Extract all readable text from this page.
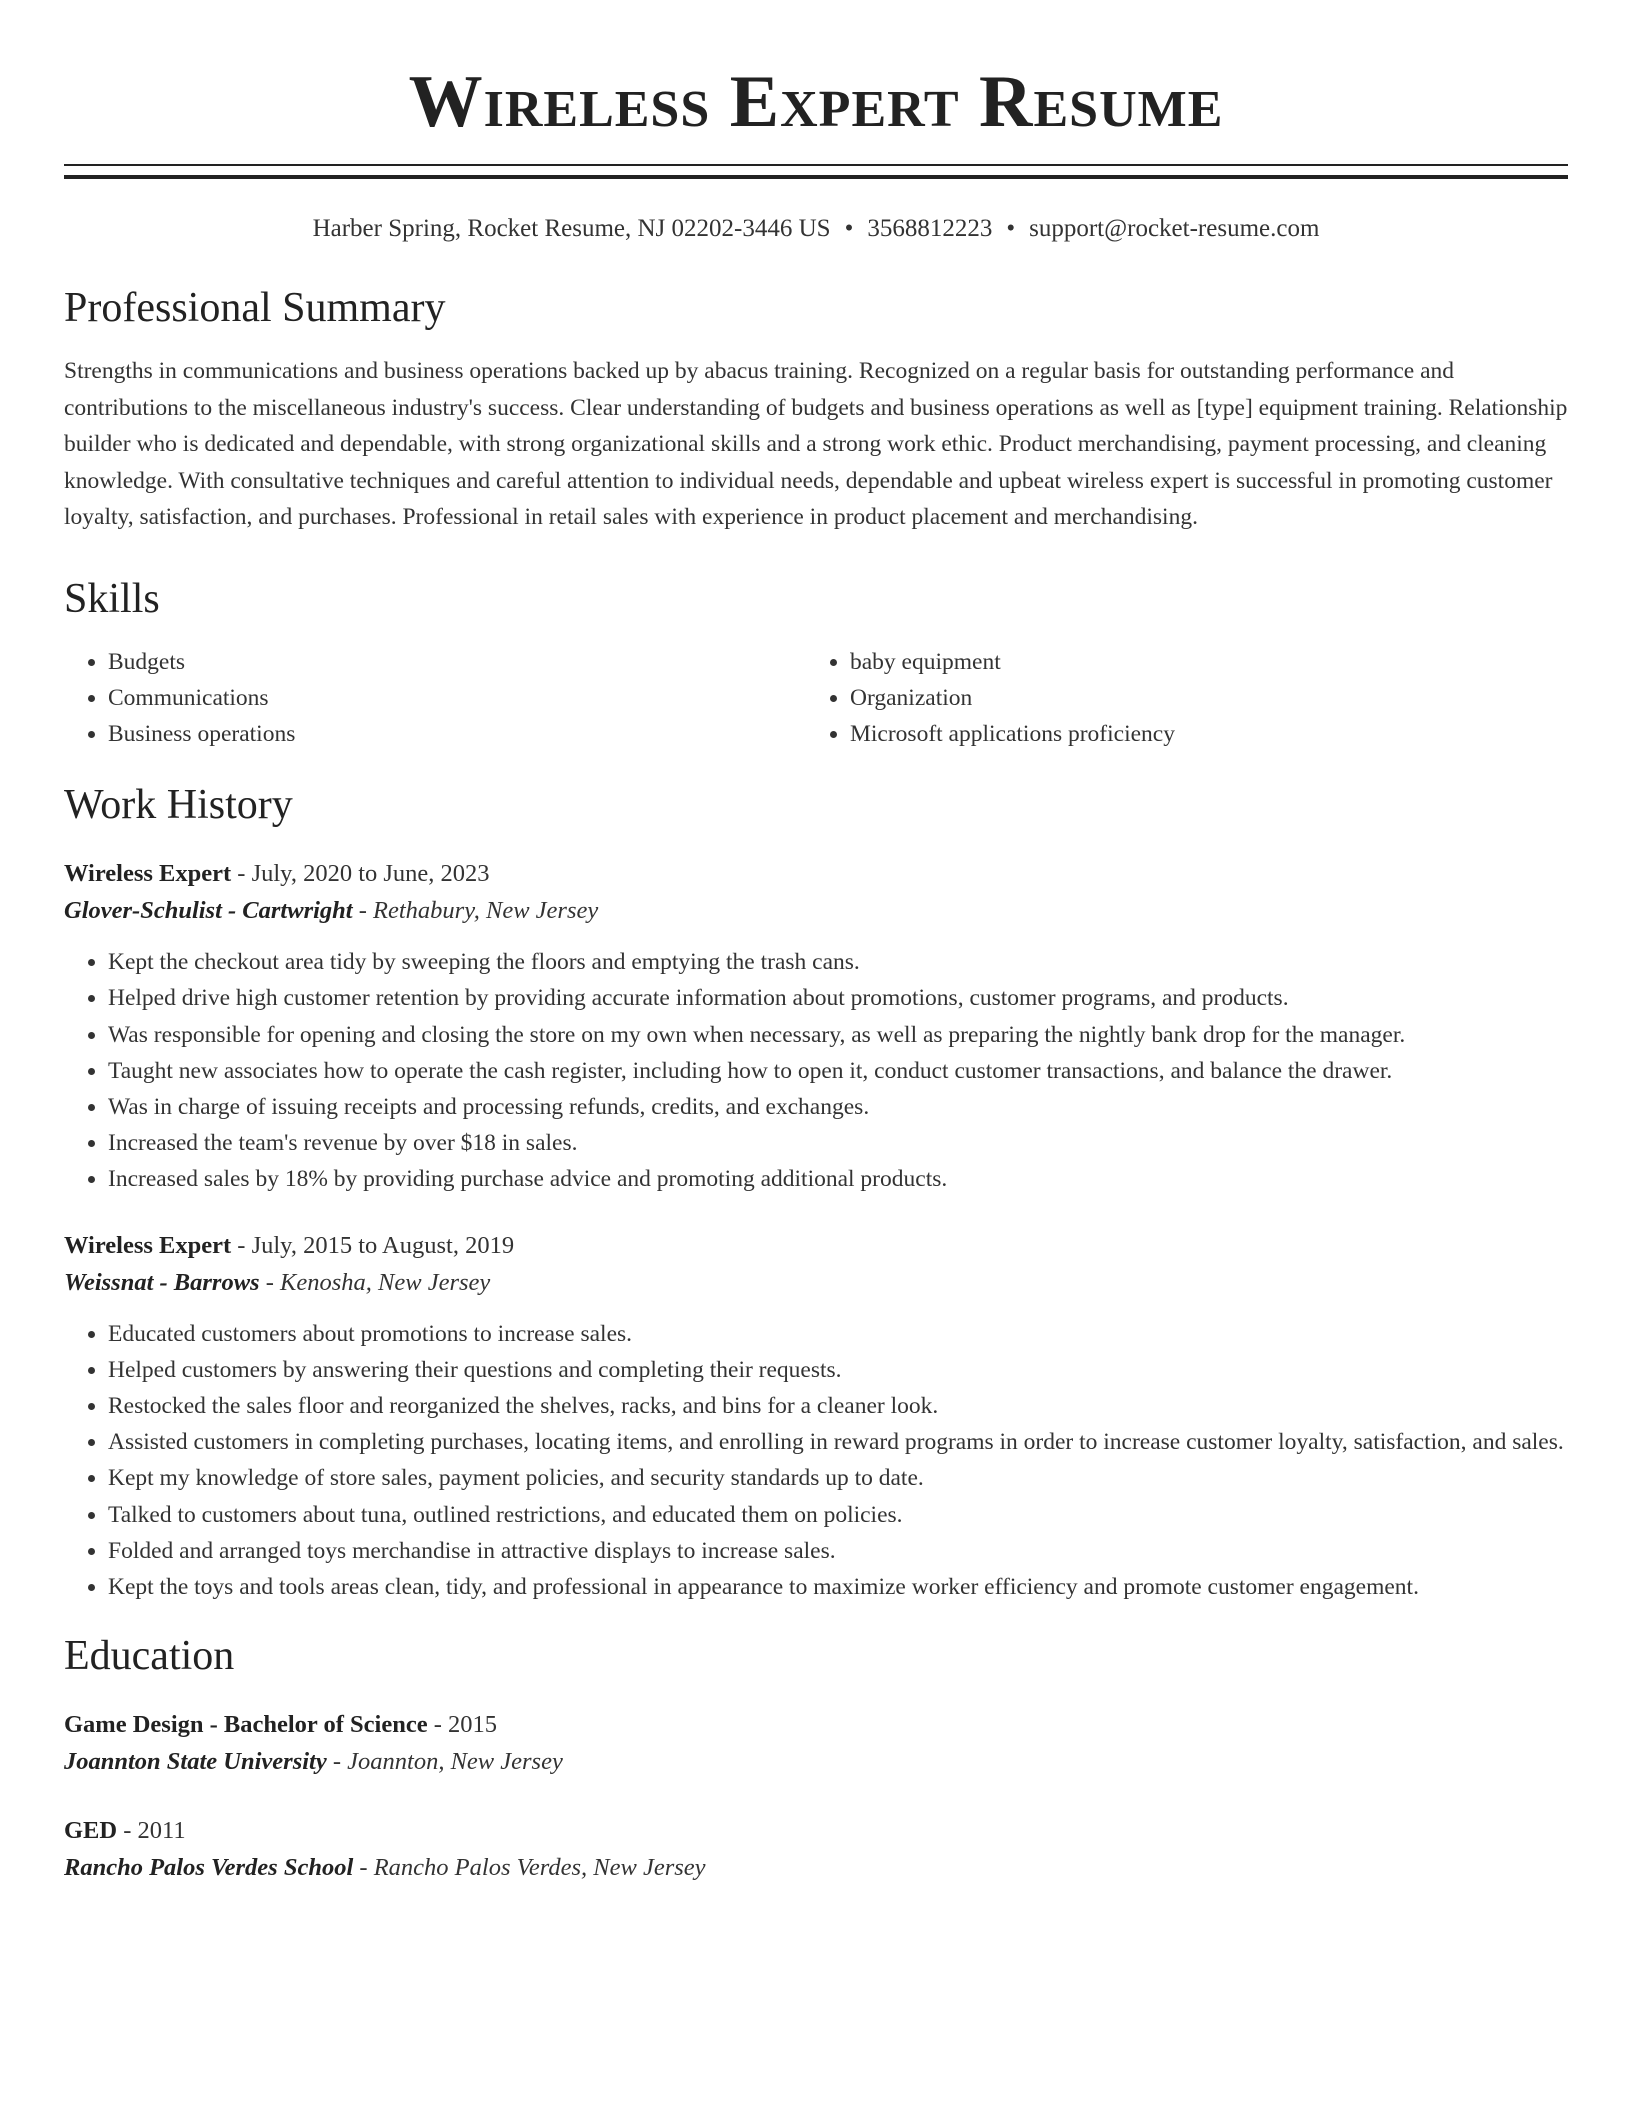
Wireless Expert Resume
Harber Spring, Rocket Resume, NJ 02202-3446 US • 3568812223 • support@rocket-resume.com
Professional Summary
Strengths in communications and business operations backed up by abacus training. Recognized on a regular basis for outstanding performance and contributions to the miscellaneous industry's success. Clear understanding of budgets and business operations as well as [type] equipment training. Relationship builder who is dedicated and dependable, with strong organizational skills and a strong work ethic. Product merchandising, payment processing, and cleaning knowledge. With consultative techniques and careful attention to individual needs, dependable and upbeat wireless expert is successful in promoting customer loyalty, satisfaction, and purchases. Professional in retail sales with experience in product placement and merchandising.
Skills
• Budgets
• Communications
• Business operations
• baby equipment
• Organization
• Microsoft applications proficiency
Work History
Wireless Expert - July, 2020 to June, 2023
Glover-Schulist - Cartwright - Rethabury, New Jersey
• Kept the checkout area tidy by sweeping the floors and emptying the trash cans.
• Helped drive high customer retention by providing accurate information about promotions, customer programs, and products.
• Was responsible for opening and closing the store on my own when necessary, as well as preparing the nightly bank drop for the manager.
• Taught new associates how to operate the cash register, including how to open it, conduct customer transactions, and balance the drawer.
• Was in charge of issuing receipts and processing refunds, credits, and exchanges.
• Increased the team's revenue by over $18 in sales.
• Increased sales by 18% by providing purchase advice and promoting additional products.
Wireless Expert - July, 2015 to August, 2019
Weissnat - Barrows - Kenosha, New Jersey
• Educated customers about promotions to increase sales.
• Helped customers by answering their questions and completing their requests.
• Restocked the sales floor and reorganized the shelves, racks, and bins for a cleaner look.
• Assisted customers in completing purchases, locating items, and enrolling in reward programs in order to increase customer loyalty, satisfaction, and sales.
• Kept my knowledge of store sales, payment policies, and security standards up to date.
• Talked to customers about tuna, outlined restrictions, and educated them on policies.
• Folded and arranged toys merchandise in attractive displays to increase sales.
• Kept the toys and tools areas clean, tidy, and professional in appearance to maximize worker efficiency and promote customer engagement.
Education
Game Design - Bachelor of Science - 2015
Joannton State University - Joannton, New Jersey
GED - 2011
Rancho Palos Verdes School - Rancho Palos Verdes, New Jersey
